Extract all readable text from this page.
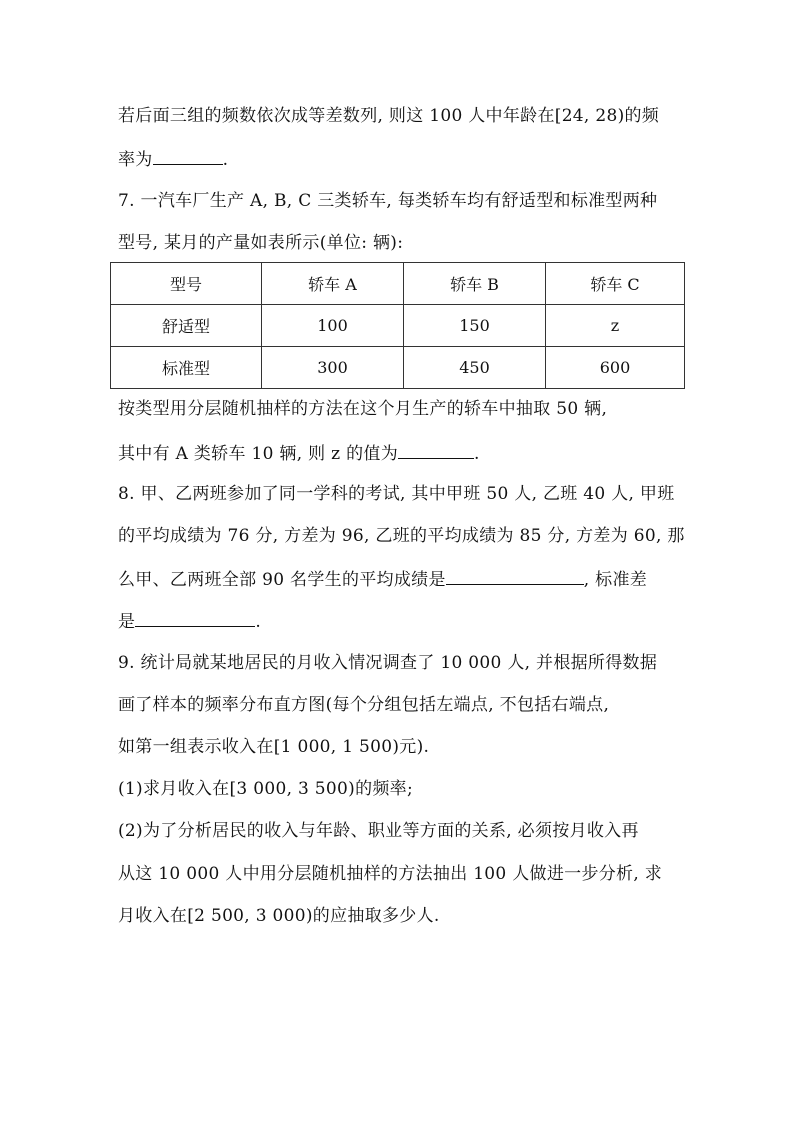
若后面三组的频数依次成等差数列, 则这 100 人中年龄在[24, 28)的频
率为	.
7. 一汽车厂生产 A, B, C 三类轿车, 每类轿车均有舒适型和标准型两种
型号, 某月的产量如表所示(单位: 辆):
型号	轿车 A	轿车 B	轿车 C
舒适型	100	150	z
标准型	300	450	600
按类型用分层随机抽样的方法在这个月生产的轿车中抽取 50 辆,
其中有 A 类轿车 10 辆, 则 z 的值为	.
8. 甲、乙两班参加了同一学科的考试, 其中甲班 50 人, 乙班 40 人, 甲班
的平均成绩为 76 分, 方差为 96, 乙班的平均成绩为 85 分, 方差为 60, 那
么甲、乙两班全部 90 名学生的平均成绩是	, 标准差
是	.
9. 统计局就某地居民的月收入情况调查了 10 000 人, 并根据所得数据
画了样本的频率分布直方图(每个分组包括左端点, 不包括右端点,
如第一组表示收入在[1 000, 1 500)元).
(1)求月收入在[3 000, 3 500)的频率;
(2)为了分析居民的收入与年龄、职业等方面的关系, 必须按月收入再
从这 10 000 人中用分层随机抽样的方法抽出 100 人做进一步分析, 求
月收入在[2 500, 3 000)的应抽取多少人.
